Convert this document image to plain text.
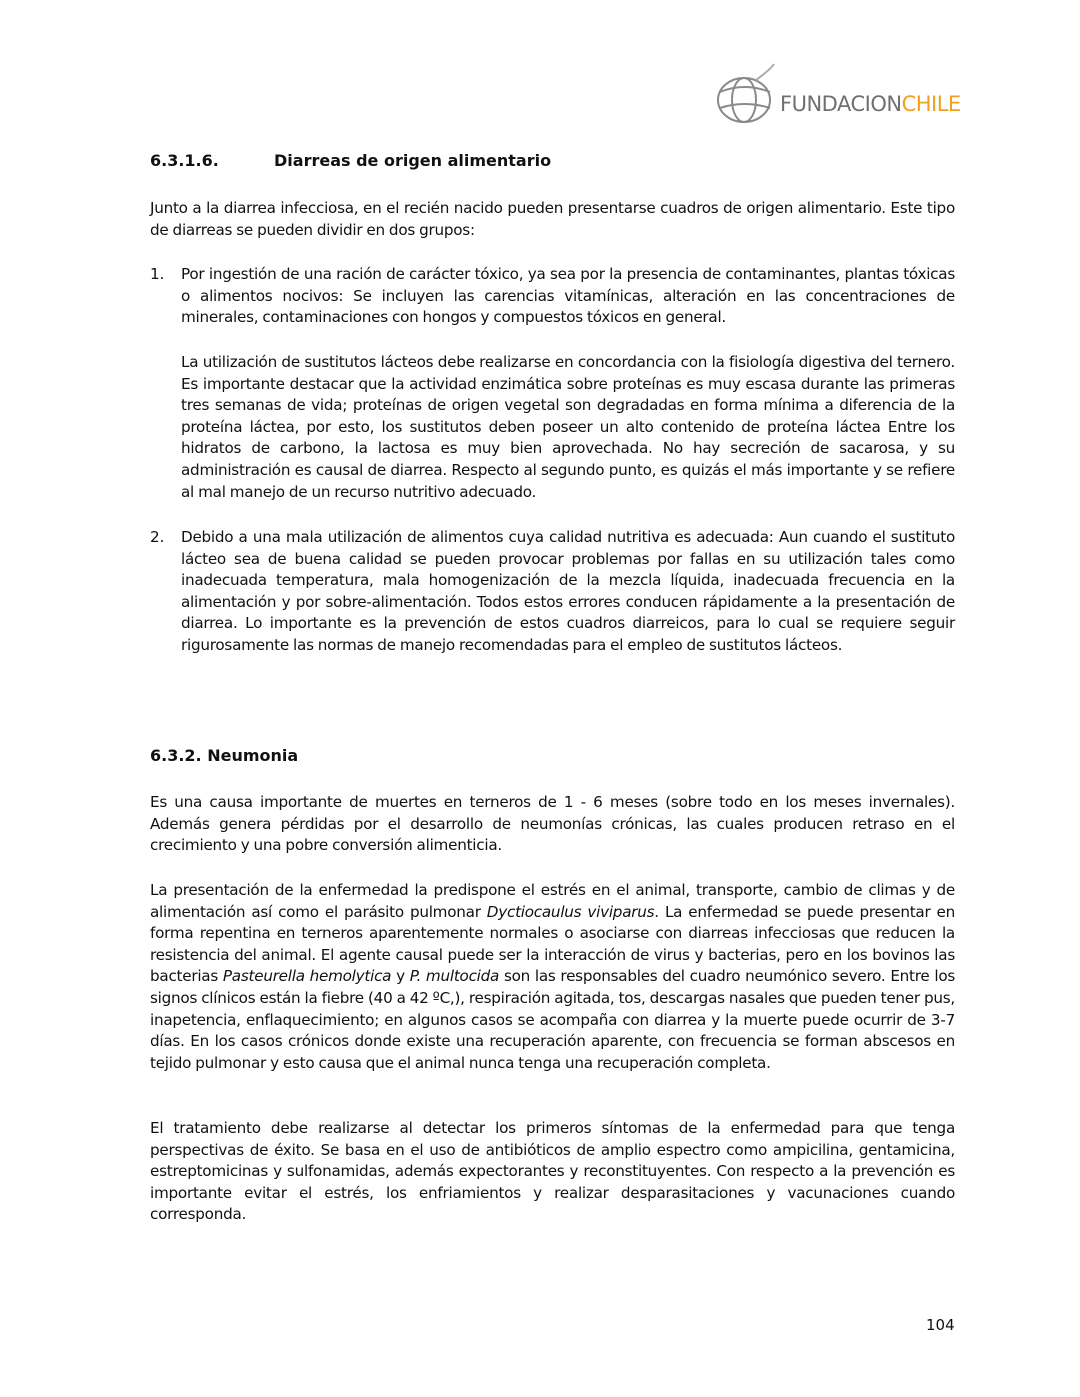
FUNDACIONCHILE
6.3.1.6.	Diarreas de origen alimentario

Junto a la diarrea infecciosa, en el recién nacido pueden presentarse cuadros de origen alimentario. Este tipo de diarreas se pueden dividir en dos grupos:

1. Por ingestión de una ración de carácter tóxico, ya sea por la presencia de contaminantes, plantas tóxicas o alimentos nocivos: Se incluyen las carencias vitamínicas, alteración en las concentraciones de minerales, contaminaciones con hongos y compuestos tóxicos en general.

La utilización de sustitutos lácteos debe realizarse en concordancia con la fisiología digestiva del ternero. Es importante destacar que la actividad enzimática sobre proteínas es muy escasa durante las primeras tres semanas de vida; proteínas de origen vegetal son degradadas en forma mínima a diferencia de la proteína láctea, por esto, los sustitutos deben poseer un alto contenido de proteína láctea Entre los hidratos de carbono, la lactosa es muy bien aprovechada. No hay secreción de sacarosa, y su administración es causal de diarrea. Respecto al segundo punto, es quizás el más importante y se refiere al mal manejo de un recurso nutritivo adecuado.

2. Debido a una mala utilización de alimentos cuya calidad nutritiva es adecuada: Aun cuando el sustituto lácteo sea de buena calidad se pueden provocar problemas por fallas en su utilización tales como inadecuada temperatura, mala homogenización de la mezcla líquida, inadecuada frecuencia en la alimentación y por sobre-alimentación. Todos estos errores conducen rápidamente a la presentación de diarrea. Lo importante es la prevención de estos cuadros diarreicos, para lo cual se requiere seguir rigurosamente las normas de manejo recomendadas para el empleo de sustitutos lácteos.

6.3.2. Neumonia

Es una causa importante de muertes en terneros de 1 - 6 meses (sobre todo en los meses invernales). Además genera pérdidas por el desarrollo de neumonías crónicas, las cuales producen retraso en el crecimiento y una pobre conversión alimenticia.

La presentación de la enfermedad la predispone el estrés en el animal, transporte, cambio de climas y de alimentación así como el parásito pulmonar Dyctiocaulus viviparus. La enfermedad se puede presentar en forma repentina en terneros aparentemente normales o asociarse con diarreas infecciosas que reducen la resistencia del animal. El agente causal puede ser la interacción de virus y bacterias, pero en los bovinos las bacterias Pasteurella hemolytica y P. multocida son las responsables del cuadro neumónico severo. Entre los signos clínicos están la fiebre (40 a 42 ºC,), respiración agitada, tos, descargas nasales que pueden tener pus, inapetencia, enflaquecimiento; en algunos casos se acompaña con diarrea y la muerte puede ocurrir de 3-7 días. En los casos crónicos donde existe una recuperación aparente, con frecuencia se forman abscesos en tejido pulmonar y esto causa que el animal nunca tenga una recuperación completa.

El tratamiento debe realizarse al detectar los primeros síntomas de la enfermedad para que tenga perspectivas de éxito. Se basa en el uso de antibióticos de amplio espectro como ampicilina, gentamicina, estreptomicinas y sulfonamidas, además expectorantes y reconstituyentes. Con respecto a la prevención es importante evitar el estrés, los enfriamientos y realizar desparasitaciones y vacunaciones cuando corresponda.

104
